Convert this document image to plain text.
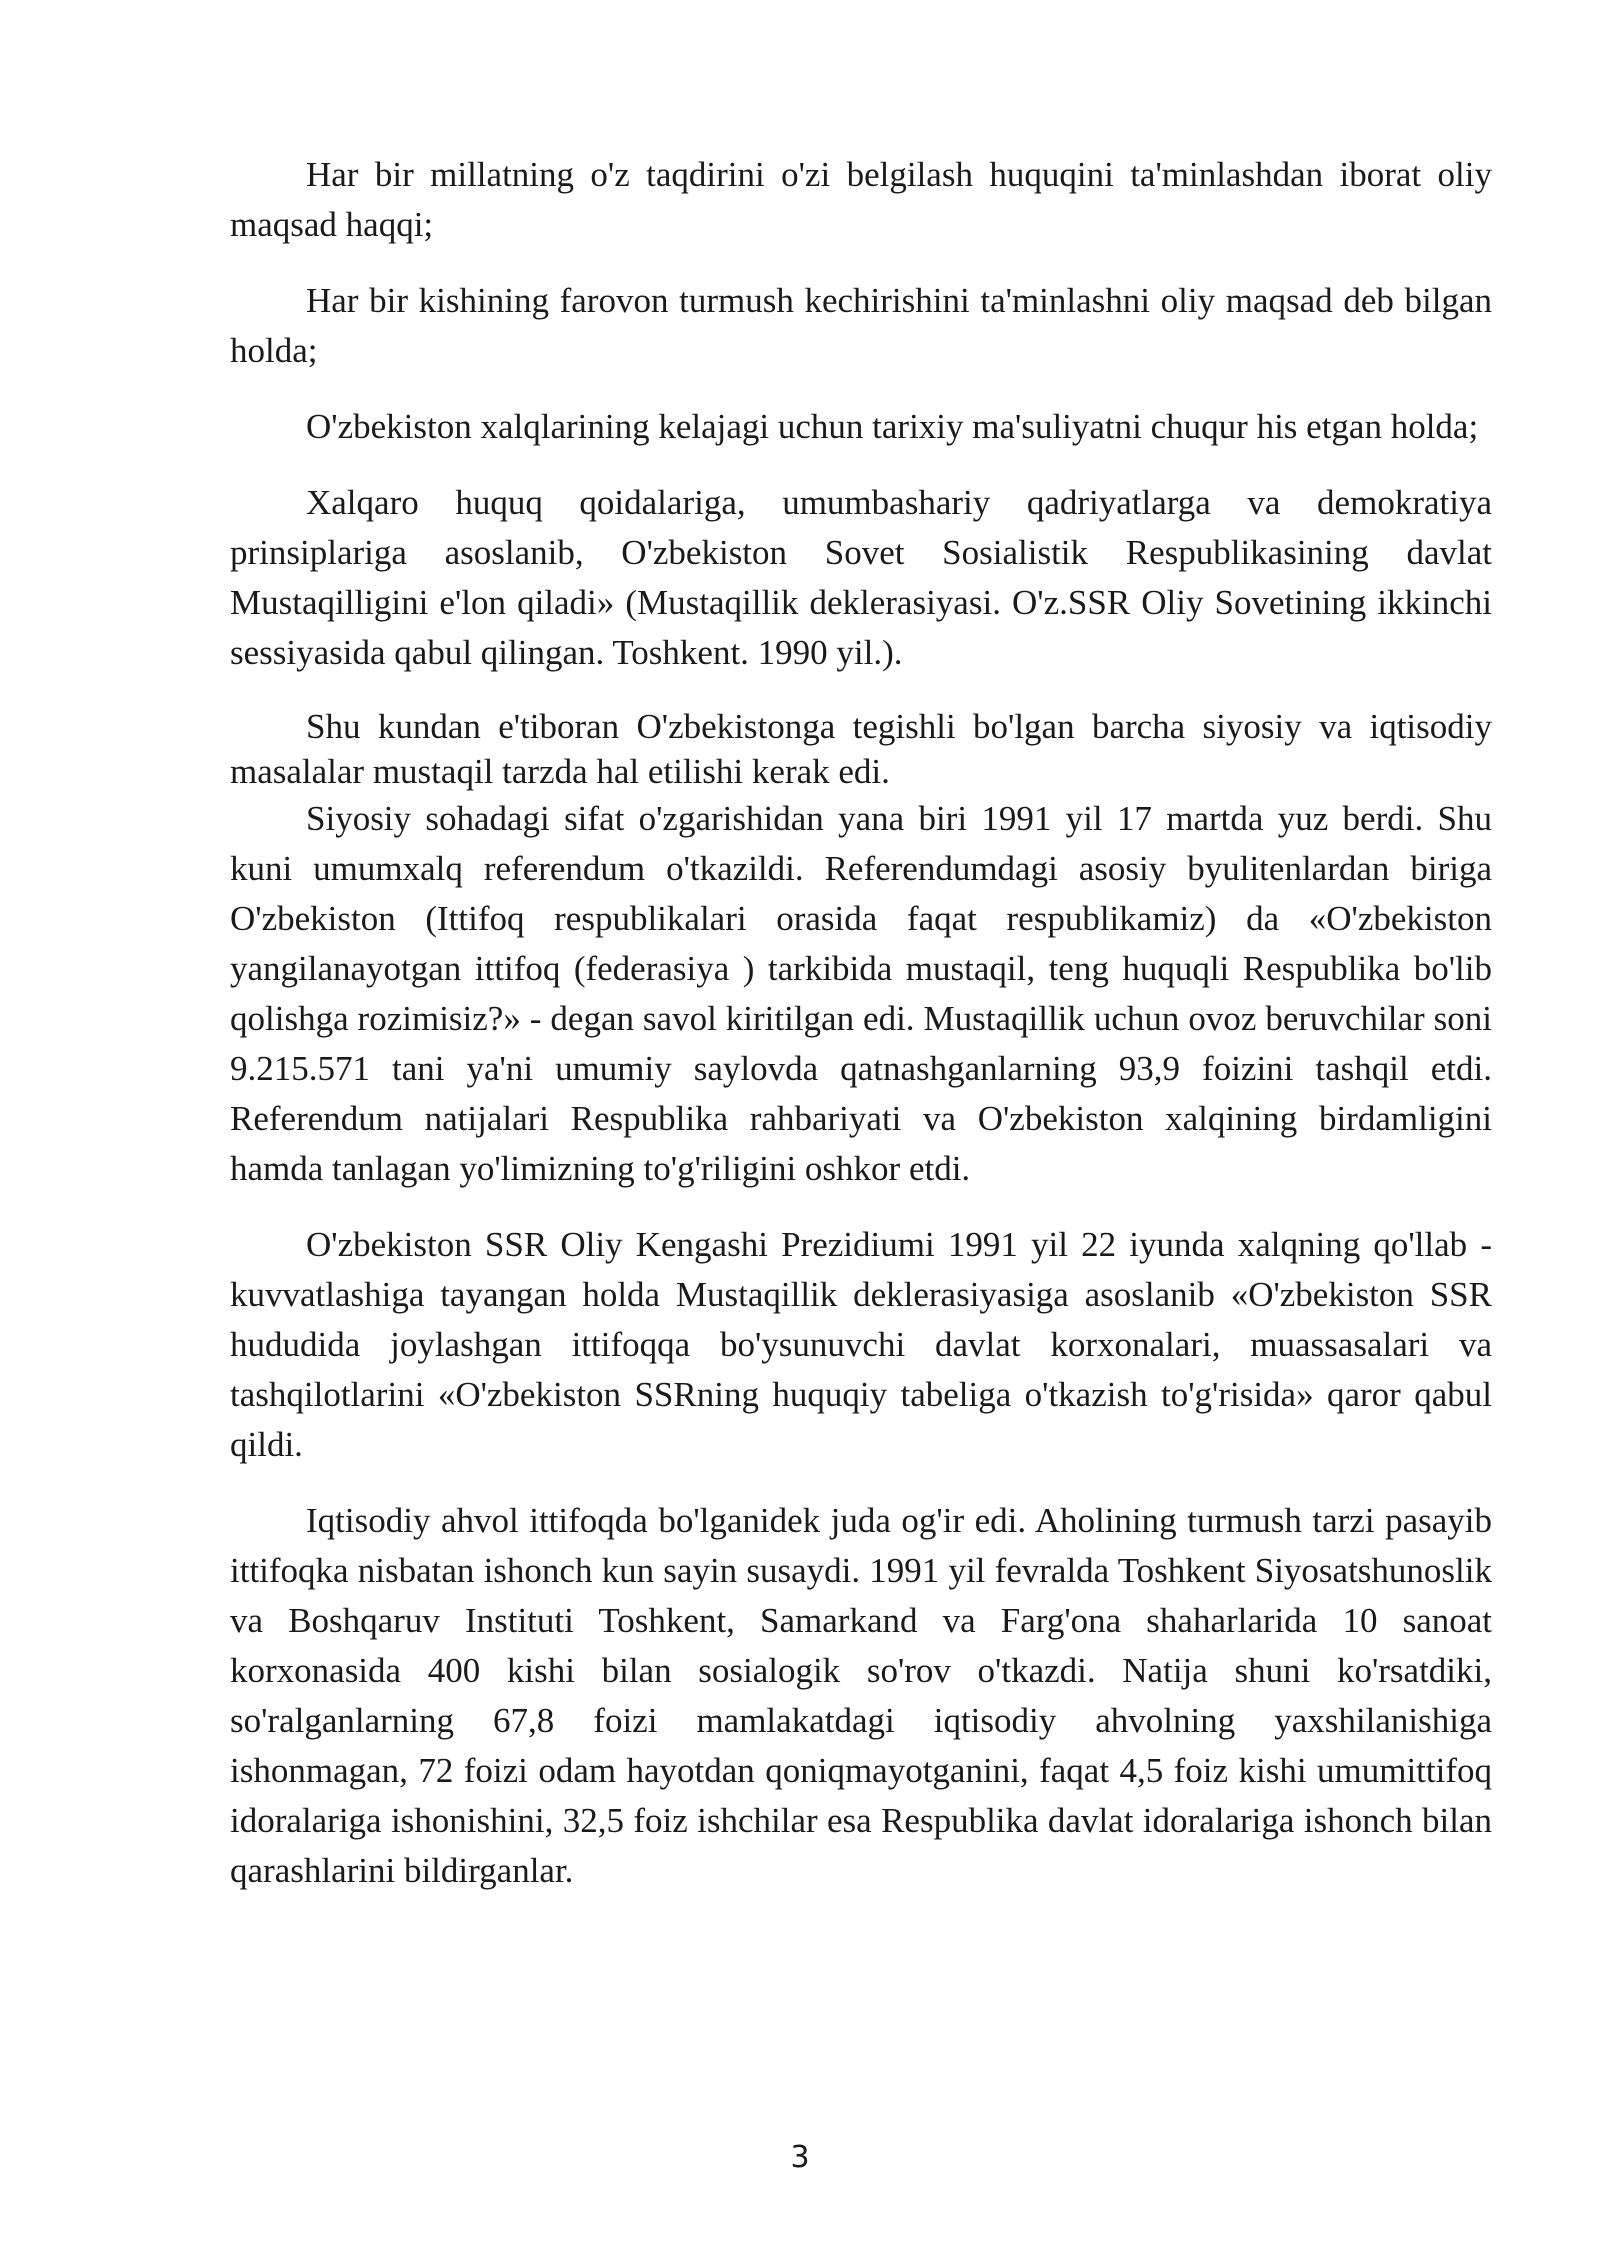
Har bir millatning o'z taqdirini o'zi belgilash huquqini ta'minlashdan iborat oliy maqsad haqqi;

Har bir kishining farovon turmush kechirishini ta'minlashni oliy maqsad deb bilgan holda;

O'zbekiston xalqlarining kelajagi uchun tarixiy ma'suliyatni chuqur his etgan holda;

Xalqaro huquq qoidalariga, umumbashariy qadriyatlarga va demokratiya prinsiplariga asoslanib, O'zbekiston Sovet Sosialistik Respublikasining davlat Mustaqilligini e'lon qiladi» (Mustaqillik deklerasiyasi. O'z.SSR Oliy Sovetining ikkinchi sessiyasida qabul qilingan. Toshkent. 1990 yil.).

Shu kundan e'tiboran O'zbekistonga tegishli bo'lgan barcha siyosiy va iqtisodiy masalalar mustaqil tarzda hal etilishi kerak edi.

Siyosiy sohadagi sifat o'zgarishidan yana biri 1991 yil 17 martda yuz berdi. Shu kuni umumxalq referendum o'tkazildi. Referendumdagi asosiy byulitenlardan biriga O'zbekiston (Ittifoq respublikalari orasida faqat respublikamiz) da «O'zbekiston yangilanayotgan ittifoq (federasiya ) tarkibida mustaqil, teng huquqli Respublika bo'lib qolishga rozimisiz?» - degan savol kiritilgan edi. Mustaqillik uchun ovoz beruvchilar soni 9.215.571 tani ya'ni umumiy saylovda qatnashganlarning 93,9 foizini tashqil etdi. Referendum natijalari Respublika rahbariyati va O'zbekiston xalqining birdamligini hamda tanlagan yo'limizning to'g'riligini oshkor etdi.

O'zbekiston SSR Oliy Kengashi Prezidiumi 1991 yil 22 iyunda xalqning qo'llab -kuvvatlashiga tayangan holda Mustaqillik deklerasiyasiga asoslanib «O'zbekiston SSR hududida joylashgan ittifoqqa bo'ysunuvchi davlat korxonalari, muassasalari va tashqilotlarini «O'zbekiston SSRning huquqiy tabeliga o'tkazish to'g'risida» qaror qabul qildi.

Iqtisodiy ahvol ittifoqda bo'lganidek juda og'ir edi. Aholining turmush tarzi pasayib ittifoqka nisbatan ishonch kun sayin susaydi. 1991 yil fevralda Toshkent Siyosatshunoslik va Boshqaruv Instituti Toshkent, Samarkand va Farg'ona shaharlarida 10 sanoat korxonasida 400 kishi bilan sosialogik so'rov o'tkazdi. Natija shuni ko'rsatdiki, so'ralganlarning 67,8 foizi mamlakatdagi iqtisodiy ahvolning yaxshilanishiga ishonmagan, 72 foizi odam hayotdan qoniqmayotganini, faqat 4,5 foiz kishi umumittifoq idoralariga ishonishini, 32,5 foiz ishchilar esa Respublika davlat idoralariga ishonch bilan qarashlarini bildirganlar.

3
